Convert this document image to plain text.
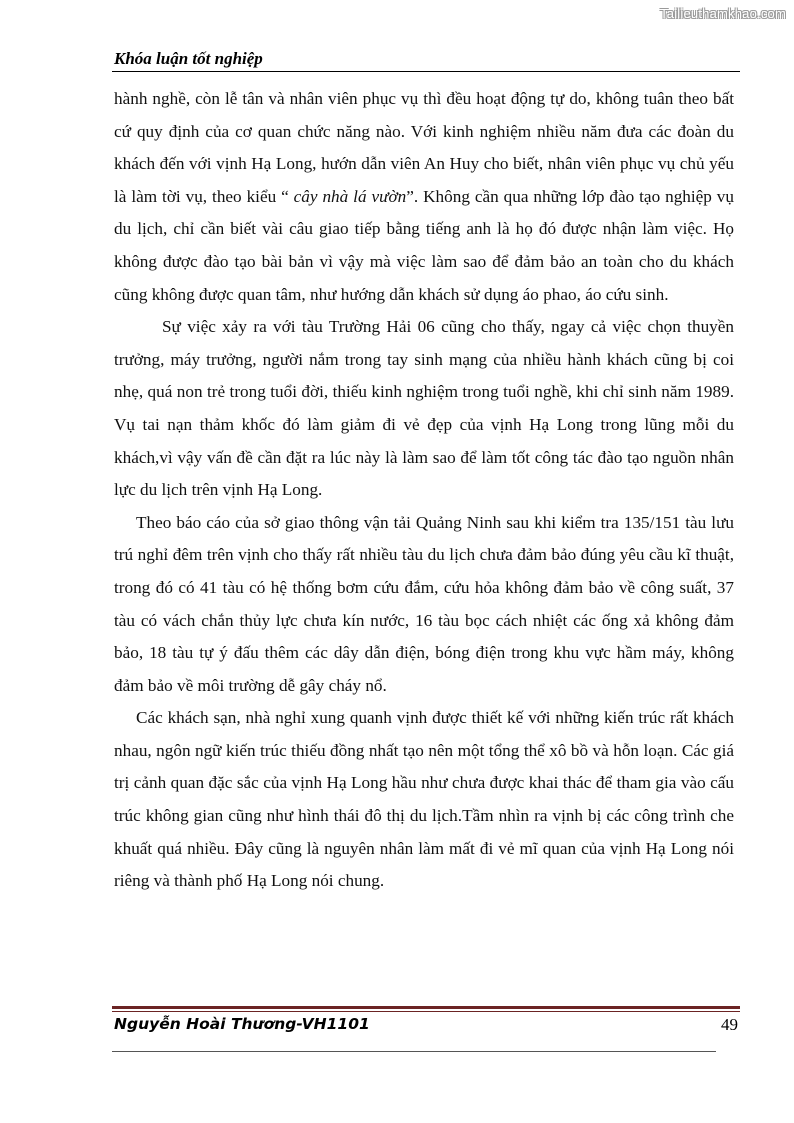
Tailieuthamkhao.com
Khóa luận tốt nghiệp

hành nghề, còn lễ tân và nhân viên phục vụ thì đều hoạt động tự do, không tuân theo bất cứ quy định của cơ quan chức năng nào. Với kinh nghiệm nhiều năm đưa các đoàn du khách đến với vịnh Hạ Long, hướn dẫn viên An Huy cho biết, nhân viên phục vụ chủ yếu là làm tời vụ, theo kiểu “ cây nhà lá vườn”. Không cần qua những lớp đào tạo nghiệp vụ du lịch, chỉ cần biết vài câu giao tiếp bằng tiếng anh là họ đó được nhận làm việc. Họ không được đào tạo bài bản vì vậy mà việc làm sao để đảm bảo an toàn cho du khách cũng không được quan tâm, như hướng dẫn khách sử dụng áo phao, áo cứu sinh.

Sự việc xảy ra với tàu Trường Hải 06 cũng cho thấy, ngay cả việc chọn thuyền trưởng, máy trưởng, người nắm trong tay sinh mạng của nhiều hành khách cũng bị coi nhẹ, quá non trẻ trong tuổi đời, thiếu kinh nghiệm trong tuổi nghề, khi chỉ sinh năm 1989. Vụ tai nạn thảm khốc đó làm giảm đi vẻ đẹp của vịnh Hạ Long trong lũng mỗi du khách,vì vậy vấn đề cần đặt ra lúc này là làm sao để làm tốt công tác đào tạo nguồn nhân lực du lịch trên vịnh Hạ Long.

Theo báo cáo của sở giao thông vận tải Quảng Ninh sau khi kiểm tra 135/151 tàu lưu trú nghỉ đêm trên vịnh cho thấy rất nhiều tàu du lịch chưa đảm bảo đúng yêu cầu kĩ thuật, trong đó có 41 tàu có hệ thống bơm cứu đắm, cứu hỏa không đảm bảo về công suất, 37 tàu có vách chắn thủy lực chưa kín nước, 16 tàu bọc cách nhiệt các ống xả không đảm bảo, 18 tàu tự ý đấu thêm các dây dẫn điện, bóng điện trong khu vực hầm máy, không đảm bảo về môi trường dễ gây cháy nổ.

Các khách sạn, nhà nghỉ xung quanh vịnh được thiết kế với những kiến trúc rất khách nhau, ngôn ngữ kiến trúc thiếu đồng nhất tạo nên một tổng thể xô bồ và hỗn loạn. Các giá trị cảnh quan đặc sắc của vịnh Hạ Long hầu như chưa được khai thác để tham gia vào cấu trúc không gian cũng như hình thái đô thị du lịch.Tầm nhìn ra vịnh bị các công trình che khuất quá nhiều. Đây cũng là nguyên nhân làm mất đi vẻ mĩ quan của vịnh Hạ Long nói riêng và thành phố Hạ Long nói chung.

Nguyễn Hoài Thương-VH1101	49
